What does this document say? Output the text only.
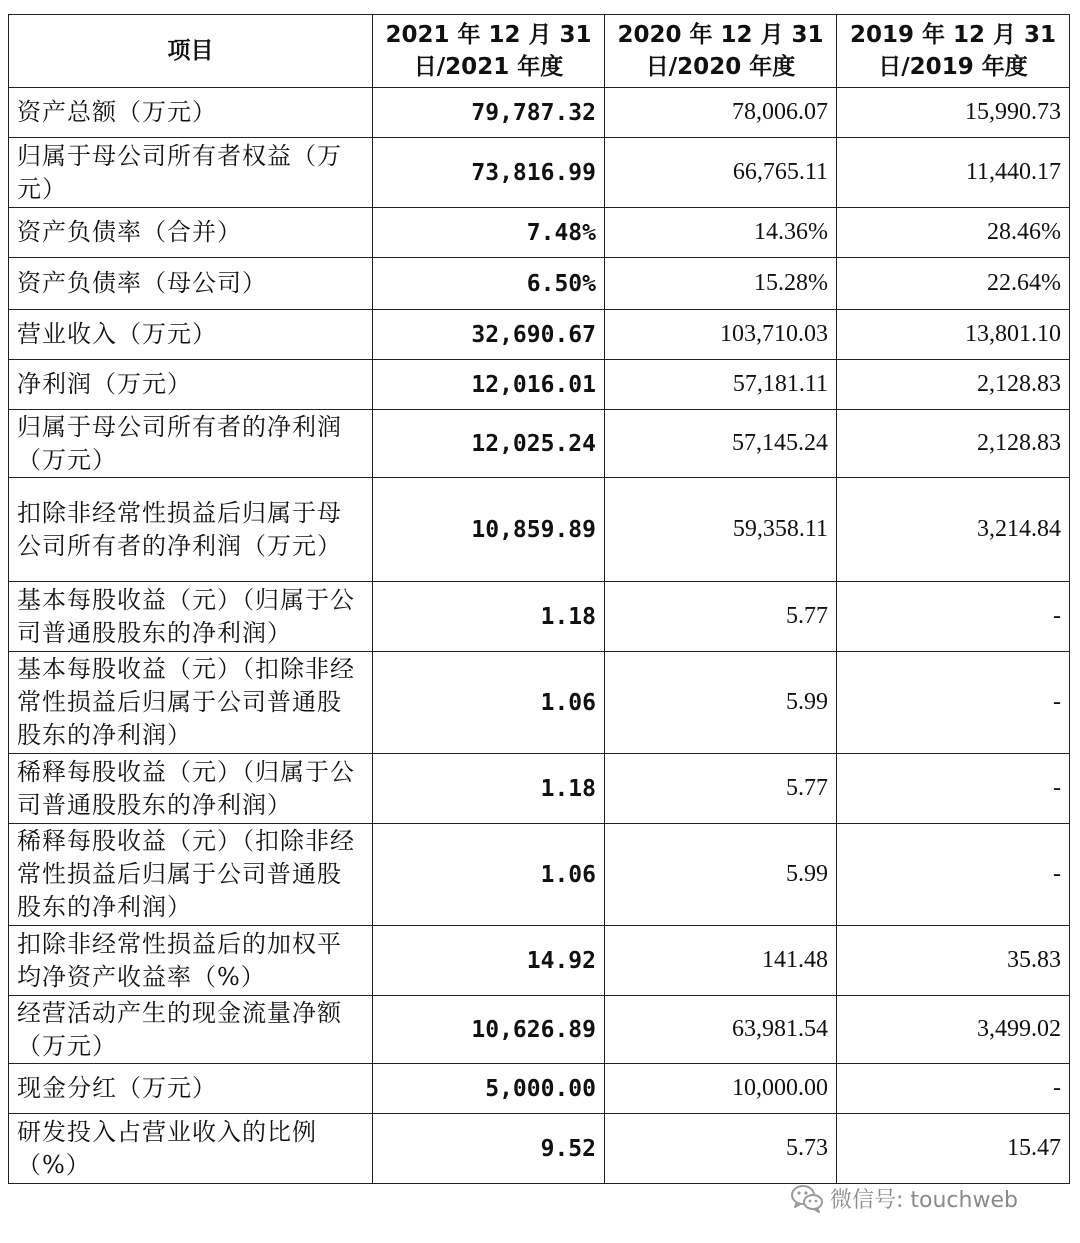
项目	2021 年 12 月 31 日/2021 年度	2020 年 12 月 31 日/2020 年度	2019 年 12 月 31 日/2019 年度
资产总额（万元）	79,787.32	78,006.07	15,990.73
归属于母公司所有者权益（万元）	73,816.99	66,765.11	11,440.17
资产负债率（合并）	7.48%	14.36%	28.46%
资产负债率（母公司）	6.50%	15.28%	22.64%
营业收入（万元）	32,690.67	103,710.03	13,801.10
净利润（万元）	12,016.01	57,181.11	2,128.83
归属于母公司所有者的净利润（万元）	12,025.24	57,145.24	2,128.83
扣除非经常性损益后归属于母公司所有者的净利润（万元）	10,859.89	59,358.11	3,214.84
基本每股收益（元）（归属于公司普通股股东的净利润）	1.18	5.77	-
基本每股收益（元）（扣除非经常性损益后归属于公司普通股股东的净利润）	1.06	5.99	-
稀释每股收益（元）（归属于公司普通股股东的净利润）	1.18	5.77	-
稀释每股收益（元）（扣除非经常性损益后归属于公司普通股股东的净利润）	1.06	5.99	-
扣除非经常性损益后的加权平均净资产收益率（%）	14.92	141.48	35.83
经营活动产生的现金流量净额（万元）	10,626.89	63,981.54	3,499.02
现金分红（万元）	5,000.00	10,000.00	-
研发投入占营业收入的比例（%）	9.52	5.73	15.47
微信号: touchweb
